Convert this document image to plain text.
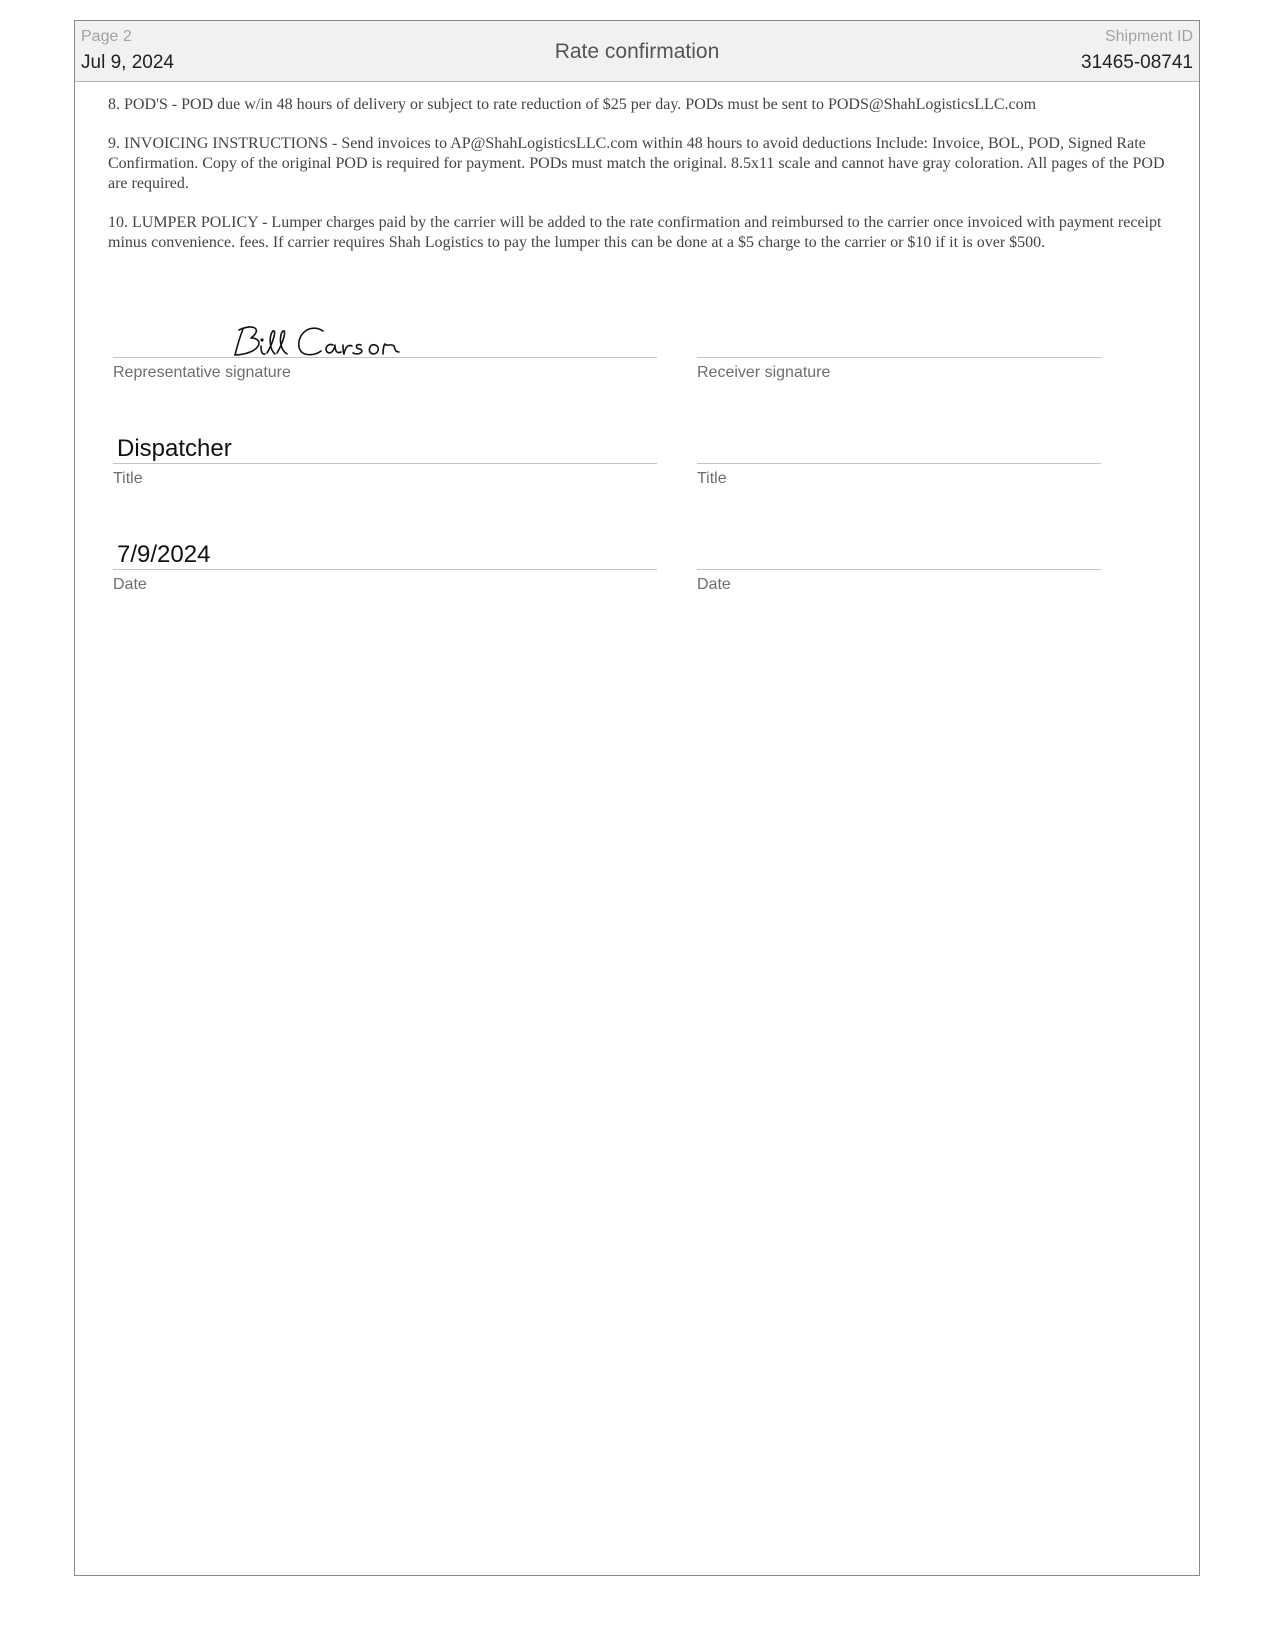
Page 2
Jul 9, 2024	Rate confirmation
Shipment ID
31465-08741

8. POD'S - POD due w/in 48 hours of delivery or subject to rate reduction of $25 per day. PODs must be sent to PODS@ShahLogisticsLLC.com

9. INVOICING INSTRUCTIONS - Send invoices to AP@ShahLogisticsLLC.com within 48 hours to avoid deductions Include: Invoice, BOL, POD, Signed Rate Confirmation. Copy of the original POD is required for payment. PODs must match the original. 8.5x11 scale and cannot have gray coloration. All pages of the POD are required.

10. LUMPER POLICY - Lumper charges paid by the carrier will be added to the rate confirmation and reimbursed to the carrier once invoiced with payment receipt minus convenience. fees. If carrier requires Shah Logistics to pay the lumper this can be done at a $5 charge to the carrier or $10 if it is over $500.

Representative signature	Receiver signature
Dispatcher
Title	Title
7/9/2024
Date	Date
